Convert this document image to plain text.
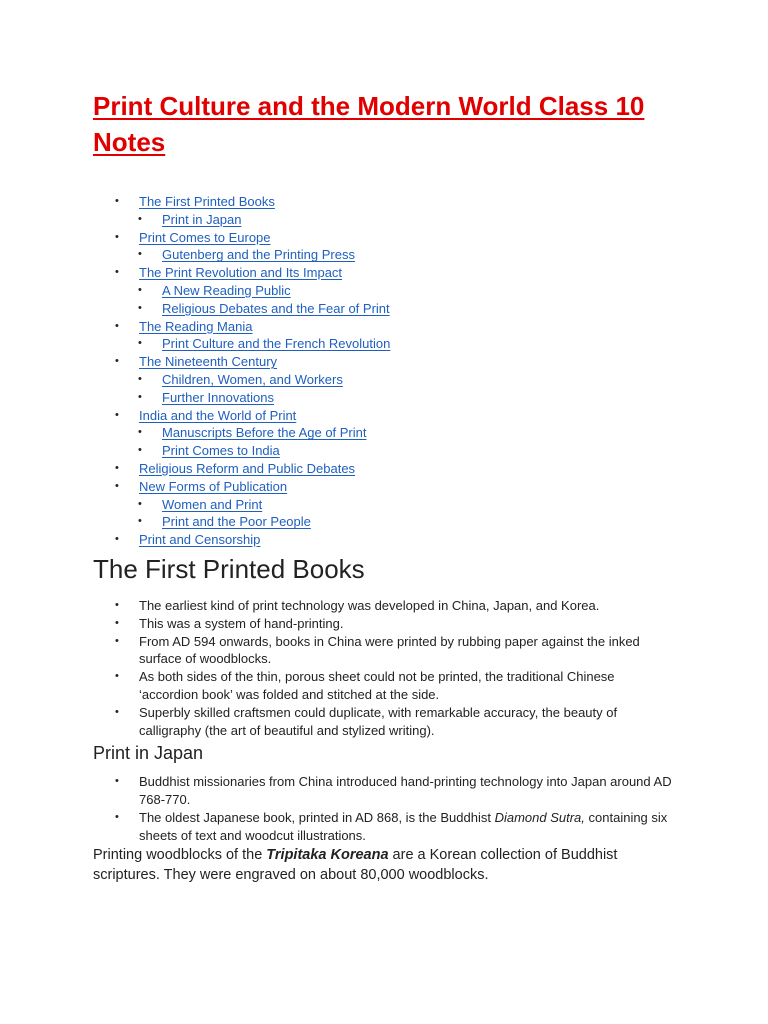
Print Culture and the Modern World Class 10 Notes
• The First Printed Books
• Print in Japan
• Print Comes to Europe
• Gutenberg and the Printing Press
• The Print Revolution and Its Impact
• A New Reading Public
• Religious Debates and the Fear of Print
• The Reading Mania
• Print Culture and the French Revolution
• The Nineteenth Century
• Children, Women, and Workers
• Further Innovations
• India and the World of Print
• Manuscripts Before the Age of Print
• Print Comes to India
• Religious Reform and Public Debates
• New Forms of Publication
• Women and Print
• Print and the Poor People
• Print and Censorship
The First Printed Books
• The earliest kind of print technology was developed in China, Japan, and Korea.
• This was a system of hand-printing.
• From AD 594 onwards, books in China were printed by rubbing paper against the inked surface of woodblocks.
• As both sides of the thin, porous sheet could not be printed, the traditional Chinese ‘accordion book’ was folded and stitched at the side.
• Superbly skilled craftsmen could duplicate, with remarkable accuracy, the beauty of calligraphy (the art of beautiful and stylized writing).
Print in Japan
• Buddhist missionaries from China introduced hand-printing technology into Japan around AD 768-770.
• The oldest Japanese book, printed in AD 868, is the Buddhist Diamond Sutra, containing six sheets of text and woodcut illustrations.

Printing woodblocks of the Tripitaka Koreana are a Korean collection of Buddhist scriptures. They were engraved on about 80,000 woodblocks.
